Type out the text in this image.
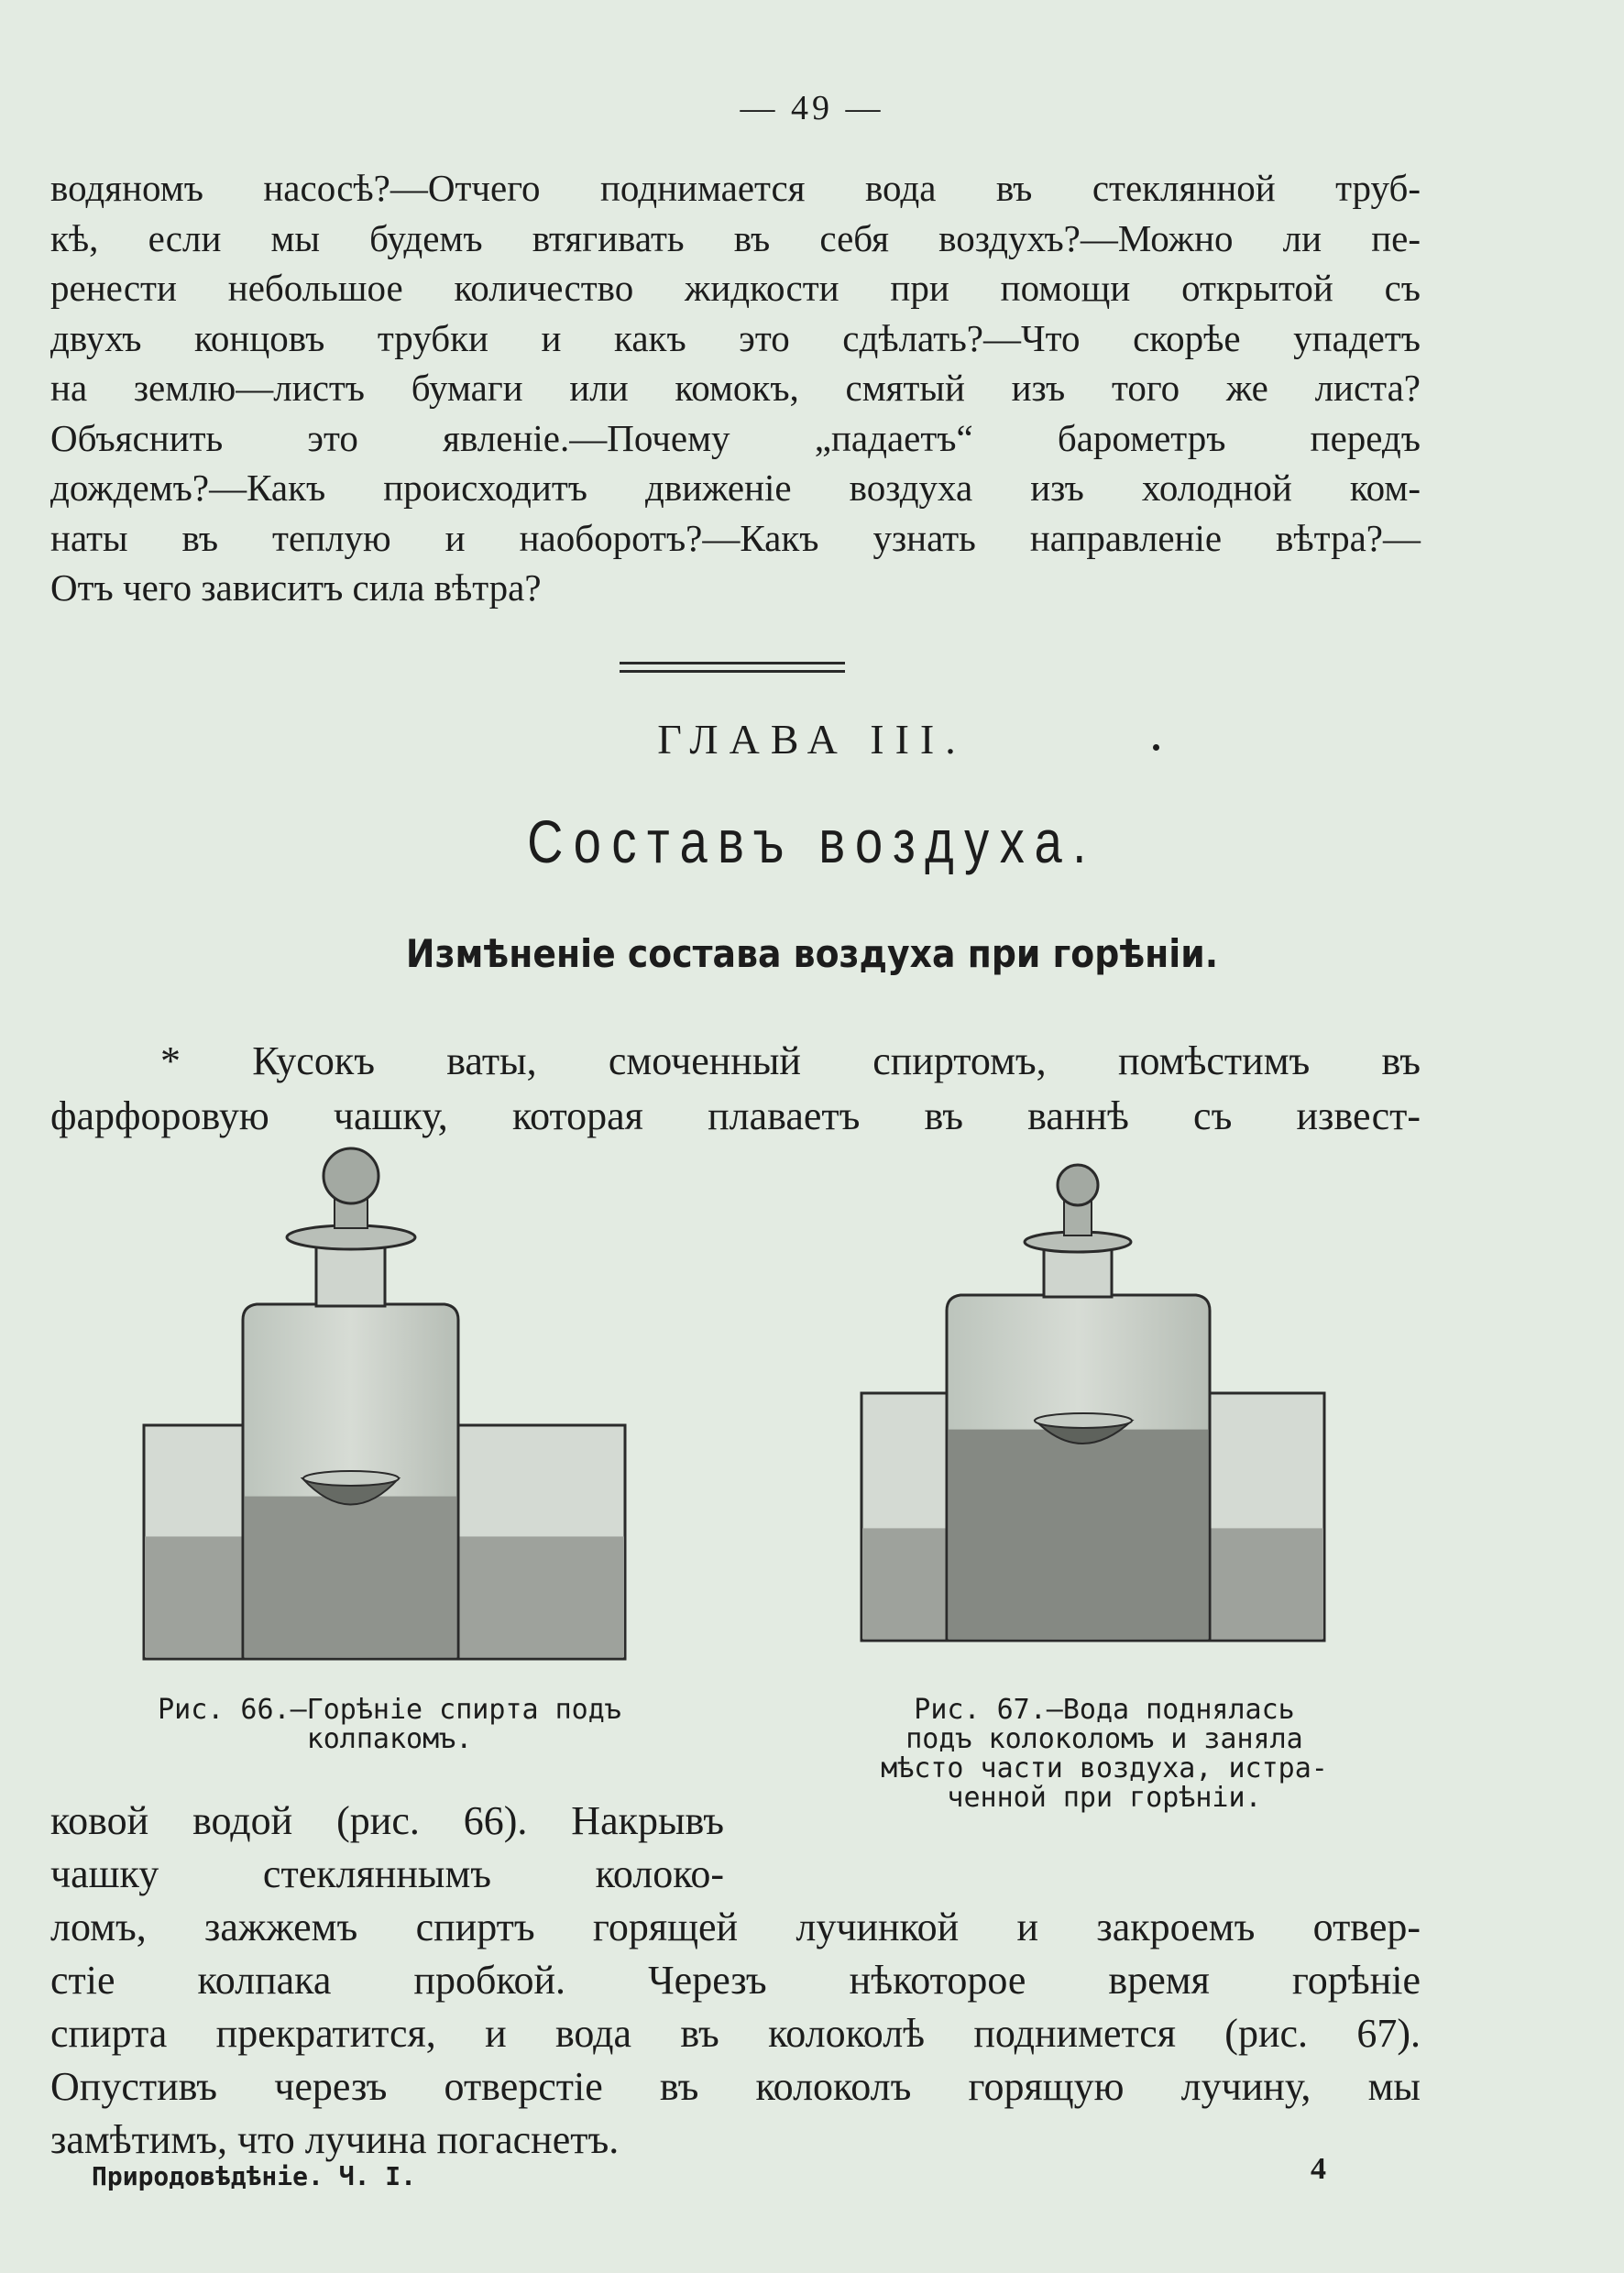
— 49 —
водяномъ насосѣ?—Отчего поднимается вода въ стеклянной труб-
кѣ, если мы будемъ втягивать въ себя воздухъ?—Можно ли пе-
ренести небольшое количество жидкости при помощи открытой съ
двухъ концовъ трубки и какъ это сдѣлать?—Что скорѣе упадетъ
на землю—листъ бумаги или комокъ, смятый изъ того же листа?
Объяснить это явленіе.—Почему „падаетъ“ барометръ передъ
дождемъ?—Какъ происходитъ движеніе воздуха изъ холодной ком-
наты въ теплую и наоборотъ?—Какъ узнать направленіе вѣтра?—
Отъ чего зависитъ сила вѣтра?
ГЛАВА III.
Составъ воздуха.
Измѣненіе состава воздуха при горѣніи.
* Кусокъ ваты, смоченный спиртомъ, помѣстимъ въ
фарфоровую чашку, которая плаваетъ въ ваннѣ съ извест-
Рис. 66.—Горѣніе спирта подъ
колпакомъ.
Рис. 67.—Вода поднялась
подъ колоколомъ и заняла
мѣсто части воздуха, истра-
ченной при горѣніи.
ковой водой (рис. 66). Накрывъ
чашку стекляннымъ колоко-
ломъ, зажжемъ спиртъ горящей лучинкой и закроемъ отвер-
стіе колпака пробкой. Черезъ нѣкоторое время горѣніе
спирта прекратится, и вода въ колоколѣ поднимется (рис. 67).
Опустивъ черезъ отверстіе въ колоколъ горящую лучину, мы
замѣтимъ, что лучина погаснетъ.
Природовѣдѣніе. Ч. I.	4
